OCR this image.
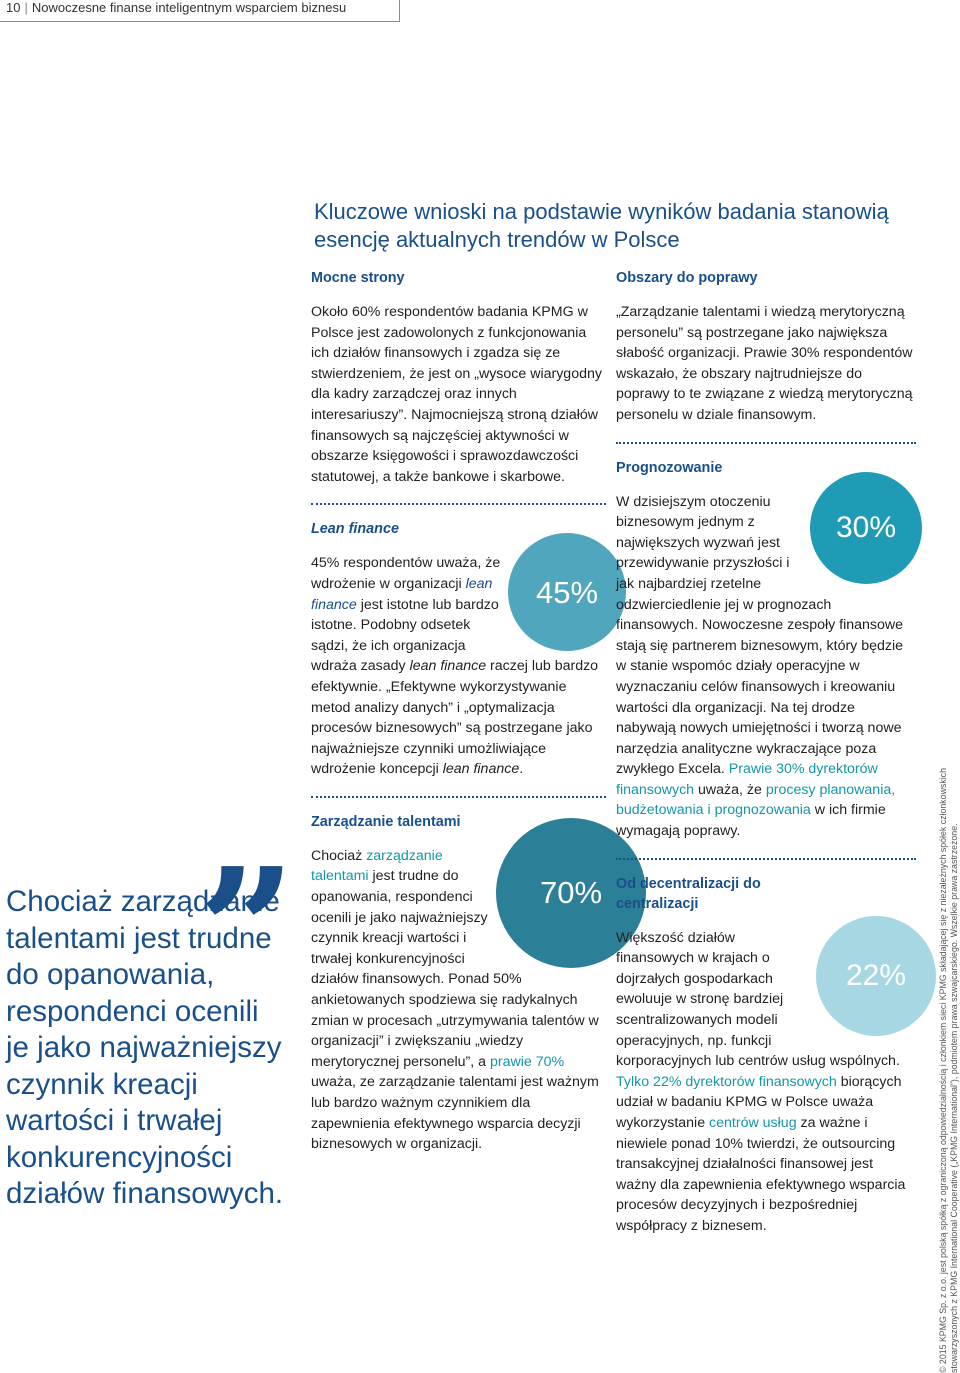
10 | Nowoczesne finanse inteligentnym wsparciem biznesu
Kluczowe wnioski na podstawie wyników badania stanowią esencję aktualnych trendów w Polsce
Mocne strony

Około 60% respondentów badania KPMG w Polsce jest zadowolonych z funkcjonowania ich działów finansowych i zgadza się ze stwierdzeniem, że jest on „wysoce wiarygodny dla kadry zarządczej oraz innych interesariuszy”. Najmocniejszą stroną działów finansowych są najczęściej aktywności w obszarze księgowości i sprawozdawczości statutowej, a także bankowe i skarbowe.

Lean finance

45%
45% respondentów uważa, że wdrożenie w organizacji lean finance jest istotne lub bardzo istotne. Podobny odsetek sądzi, że ich organizacja wdraża zasady lean finance raczej lub bardzo efektywnie. „Efektywne wykorzystywanie metod analizy danych” i „optymalizacja procesów biznesowych” są postrzegane jako najważniejsze czynniki umożliwiające wdrożenie koncepcji lean finance.

Zarządzanie talentami

70%
Chociaż zarządzanie talentami jest trudne do opanowania, respondenci ocenili je jako najważniejszy czynnik kreacji wartości i trwałej konkurencyjności działów finansowych. Ponad 50% ankietowanych spodziewa się radykalnych zmian w procesach „utrzymywania talentów w organizacji” i zwiększaniu „wiedzy merytorycznej personelu”, a prawie 70% uważa, ze zarządzanie talentami jest ważnym lub bardzo ważnym czynnikiem dla zapewnienia efektywnego wsparcia decyzji biznesowych w organizacji.

Obszary do poprawy

„Zarządzanie talentami i wiedzą merytoryczną personelu” są postrzegane jako największa słabość organizacji. Prawie 30% respondentów wskazało, że obszary najtrudniejsze do poprawy to te związane z wiedzą merytoryczną personelu w dziale finansowym.

Prognozowanie

30%
W dzisiejszym otoczeniu biznesowym jednym z największych wyzwań jest przewidywanie przyszłości i jak najbardziej rzetelne odzwierciedlenie jej w prognozach finansowych. Nowoczesne zespoły finansowe stają się partnerem biznesowym, który będzie w stanie wspomóc działy operacyjne w wyznaczaniu celów finansowych i kreowaniu wartości dla organizacji. Na tej drodze nabywają nowych umiejętności i tworzą nowe narzędzia analityczne wykraczające poza zwykłego Excela. Prawie 30% dyrektorów finansowych uważa, że procesy planowania, budżetowania i prognozowania w ich firmie wymagają poprawy.

Od decentralizacji do centralizacji

22%
Większość działów finansowych w krajach o dojrzałych gospodarkach ewoluuje w stronę bardziej scentralizowanych modeli operacyjnych, np. funkcji korporacyjnych lub centrów usług wspólnych. Tylko 22% dyrektorów finansowych biorących udział w badaniu KPMG w Polsce uważa wykorzystanie centrów usług za ważne i niewiele ponad 10% twierdzi, że outsourcing transakcyjnej działalności finansowej jest ważny dla zapewnienia efektywnego wsparcia procesów decyzyjnych i bezpośredniej współpracy z biznesem.

”

Chociaż zarządzanie talentami jest trudne do opanowania, respondenci ocenili je jako najważniejszy czynnik kreacji wartości i trwałej konkurencyjności działów finansowych.	© 2015 KPMG Sp. z o.o. jest polską spółką z ograniczoną odpowiedzialnością i członkiem sieci KPMG składającej się z niezależnych spółek członkowskich stowarzyszonych z KPMG International Cooperative („KPMG International”), podmiotem prawa szwajcarskiego. Wszelkie prawa zastrzeżone.
